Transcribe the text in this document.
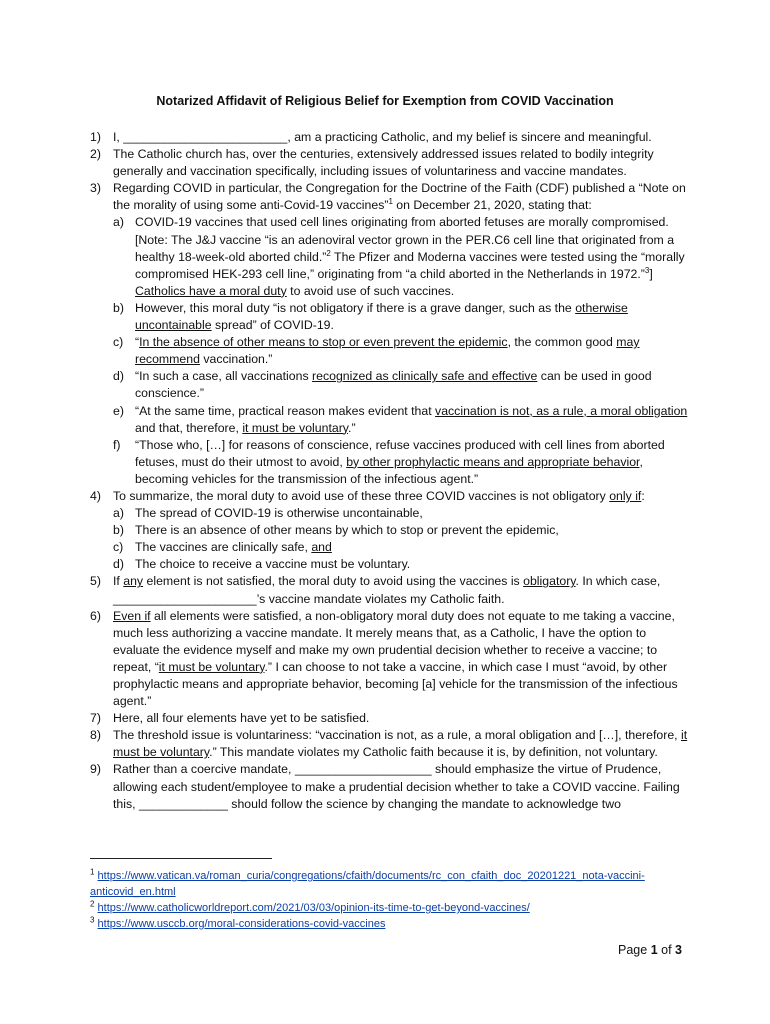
Notarized Affidavit of Religious Belief for Exemption from COVID Vaccination
1) I, ________________________, am a practicing Catholic, and my belief is sincere and meaningful.
2) The Catholic church has, over the centuries, extensively addressed issues related to bodily integrity generally and vaccination specifically, including issues of voluntariness and vaccine mandates.
3) Regarding COVID in particular, the Congregation for the Doctrine of the Faith (CDF) published a “Note on the morality of using some anti-Covid-19 vaccines”$^1$ on December 21, 2020, stating that:
a) COVID-19 vaccines that used cell lines originating from aborted fetuses are morally compromised. [Note: The J&J vaccine “is an adenoviral vector grown in the PER.C6 cell line that originated from a healthy 18-week-old aborted child.”$^2$ The Pfizer and Moderna vaccines were tested using the “morally compromised HEK-293 cell line,” originating from “a child aborted in the Netherlands in 1972.”$^3$] Catholics have a moral duty to avoid use of such vaccines.
b) However, this moral duty “is not obligatory if there is a grave danger, such as the otherwise uncontainable spread” of COVID-19.
c) “In the absence of other means to stop or even prevent the epidemic, the common good may recommend vaccination.”
d) “In such a case, all vaccinations recognized as clinically safe and effective can be used in good conscience.”
e) “At the same time, practical reason makes evident that vaccination is not, as a rule, a moral obligation and that, therefore, it must be voluntary.”
f) “Those who, […] for reasons of conscience, refuse vaccines produced with cell lines from aborted fetuses, must do their utmost to avoid, by other prophylactic means and appropriate behavior, becoming vehicles for the transmission of the infectious agent.”
4) To summarize, the moral duty to avoid use of these three COVID vaccines is not obligatory only if:
a) The spread of COVID-19 is otherwise uncontainable,
b) There is an absence of other means by which to stop or prevent the epidemic,
c) The vaccines are clinically safe, and
d) The choice to receive a vaccine must be voluntary.
5) If any element is not satisfied, the moral duty to avoid using the vaccines is obligatory. In which case, _____________________’s vaccine mandate violates my Catholic faith.
6) Even if all elements were satisfied, a non-obligatory moral duty does not equate to me taking a vaccine, much less authorizing a vaccine mandate. It merely means that, as a Catholic, I have the option to evaluate the evidence myself and make my own prudential decision whether to receive a vaccine; to repeat, “it must be voluntary.” I can choose to not take a vaccine, in which case I must “avoid, by other prophylactic means and appropriate behavior, becoming [a] vehicle for the transmission of the infectious agent.”
7) Here, all four elements have yet to be satisfied.
8) The threshold issue is voluntariness: “vaccination is not, as a rule, a moral obligation and […], therefore, it must be voluntary.” This mandate violates my Catholic faith because it is, by definition, not voluntary.
9) Rather than a coercive mandate, ____________________ should emphasize the virtue of Prudence, allowing each student/employee to make a prudential decision whether to take a COVID vaccine. Failing this, _____________ should follow the science by changing the mandate to acknowledge two
$^1$ https://www.vatican.va/roman_curia/congregations/cfaith/documents/rc_con_cfaith_doc_20201221_nota-vaccini-anticovid_en.html
$^2$ https://www.catholicworldreport.com/2021/03/03/opinion-its-time-to-get-beyond-vaccines/
$^3$ https://www.usccb.org/moral-considerations-covid-vaccines
Page 1 of 3
